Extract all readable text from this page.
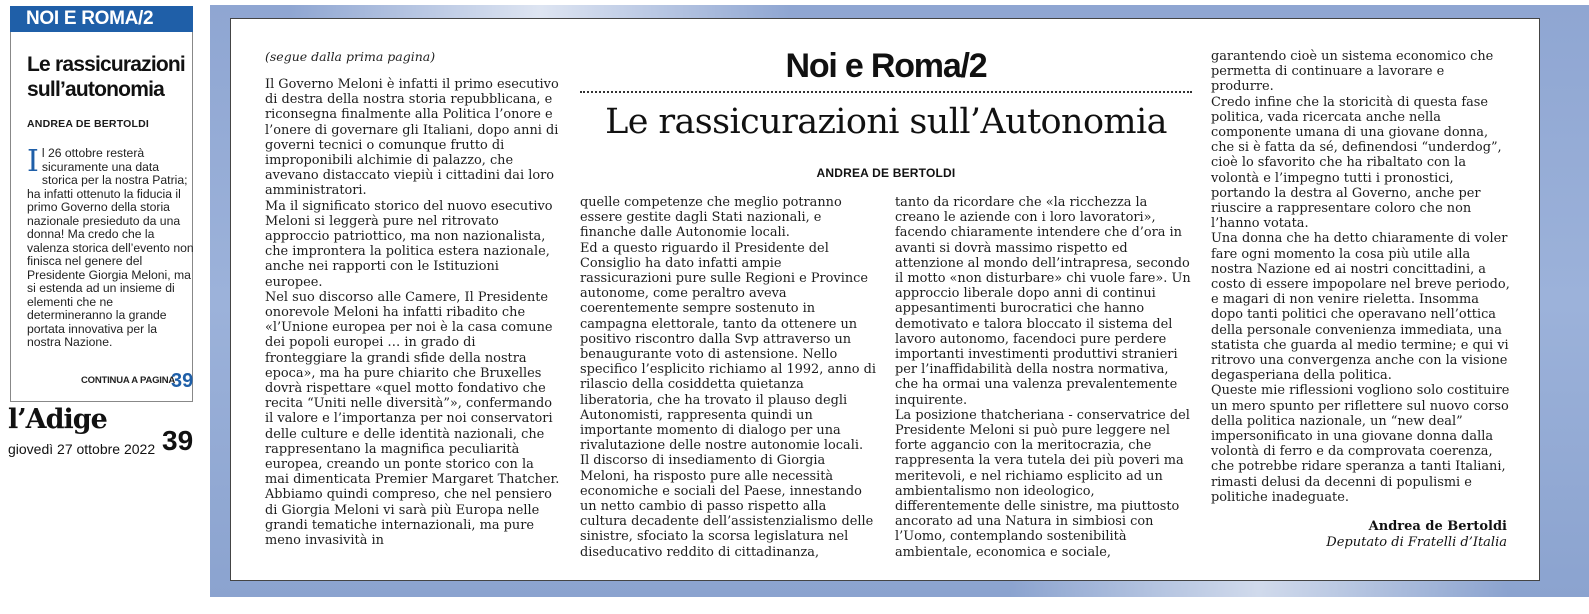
NOI E ROMA/2
Le rassicurazioni sull’autonomia
ANDREA DE BERTOLDI
Il 26 ottobre resterà sicuramente una data storica per la nostra Patria; ha infatti ottenuto la fiducia il primo Governo della storia nazionale presieduto da una donna! Ma credo che la valenza storica dell’evento non finisca nel genere del Presidente Giorgia Meloni, ma si estenda ad un insieme di elementi che ne determineranno la grande portata innovativa per la nostra Nazione.
CONTINUA A PAGINA
39
l’Adige
giovedì 27 ottobre 2022 39
(segue dalla prima pagina)	Noi e Roma/2
Le rassicurazioni sull’Autonomia
ANDREA DE BERTOLDI

Il Governo Meloni è infatti il primo esecutivo di destra della nostra storia repubblicana, e riconsegna finalmente alla Politica l’onore e l’onere di governare gli Italiani, dopo anni di governi tecnici o comunque frutto di improponibili alchimie di palazzo, che avevano distaccato viepiù i cittadini dai loro amministratori.

Ma il significato storico del nuovo esecutivo Meloni si leggerà pure nel ritrovato approccio patriottico, ma non nazionalista, che improntera la politica estera nazionale, anche nei rapporti con le Istituzioni europee.

Nel suo discorso alle Camere, Il Presidente onorevole Meloni ha infatti ribadito che «l’Unione europea per noi è la casa comune dei popoli europei … in grado di fronteggiare la grandi sfide della nostra epoca», ma ha pure chiarito che Bruxelles dovrà rispettare «quel motto fondativo che recita “Uniti nelle diversità”», confermando il valore e l’importanza per noi conservatori delle culture e delle identità nazionali, che rappresentano la magnifica peculiarità europea, creando un ponte storico con la mai dimenticata Premier Margaret Thatcher.

Abbiamo quindi compreso, che nel pensiero di Giorgia Meloni vi sarà più Europa nelle grandi tematiche internazionali, ma pure meno invasività in

quelle competenze che meglio potranno essere gestite dagli Stati nazionali, e finanche dalle Autonomie locali.

Ed a questo riguardo il Presidente del Consiglio ha dato infatti ampie rassicurazioni pure sulle Regioni e Province autonome, come peraltro aveva coerentemente sempre sostenuto in campagna elettorale, tanto da ottenere un positivo riscontro dalla Svp attraverso un benaugurante voto di astensione. Nello specifico l’esplicito richiamo al 1992, anno di rilascio della cosiddetta quietanza liberatoria, che ha trovato il plauso degli Autonomisti, rappresenta quindi un importante momento di dialogo per una rivalutazione delle nostre autonomie locali.

Il discorso di insediamento di Giorgia Meloni, ha risposto pure alle necessità economiche e sociali del Paese, innestando un netto cambio di passo rispetto alla cultura decadente dell’assistenzialismo delle sinistre, sfociato la scorsa legislatura nel diseducativo reddito di cittadinanza,

tanto da ricordare che «la ricchezza la creano le aziende con i loro lavoratori», facendo chiaramente intendere che d’ora in avanti si dovrà massimo rispetto ed attenzione al mondo dell’intrapresa, secondo il motto «non disturbare» chi vuole fare». Un approccio liberale dopo anni di continui appesantimenti burocratici che hanno demotivato e talora bloccato il sistema del lavoro autonomo, facendoci pure perdere importanti investimenti produttivi stranieri per l’inaffidabilità della nostra normativa, che ha ormai una valenza prevalentemente inquirente.

La posizione thatcheriana - conservatrice del Presidente Meloni si può pure leggere nel forte aggancio con la meritocrazia, che rappresenta la vera tutela dei più poveri ma meritevoli, e nel richiamo esplicito ad un ambientalismo non ideologico, differentemente delle sinistre, ma piuttosto ancorato ad una Natura in simbiosi con l’Uomo, contemplando sostenibilità ambientale, economica e sociale,

garantendo cioè un sistema economico che permetta di continuare a lavorare e produrre.

Credo infine che la storicità di questa fase politica, vada ricercata anche nella componente umana di una giovane donna, che si è fatta da sé, definendosi “underdog”, cioè lo sfavorito che ha ribaltato con la volontà e l’impegno tutti i pronostici, portando la destra al Governo, anche per riuscire a rappresentare coloro che non l’hanno votata.

Una donna che ha detto chiaramente di voler fare ogni momento la cosa più utile alla nostra Nazione ed ai nostri concittadini, a costo di essere impopolare nel breve periodo, e magari di non venire rieletta. Insomma dopo tanti politici che operavano nell’ottica della personale convenienza immediata, una statista che guarda al medio termine; e qui vi ritrovo una convergenza anche con la visione degasperiana della politica.

Queste mie riflessioni vogliono solo costituire un mero spunto per riflettere sul nuovo corso della politica nazionale, un “new deal” impersonificato in una giovane donna dalla volontà di ferro e da comprovata coerenza, che potrebbe ridare speranza a tanti Italiani, rimasti delusi da decenni di populismi e politiche inadeguate.

Andrea de Bertoldi
Deputato di Fratelli d’Italia
